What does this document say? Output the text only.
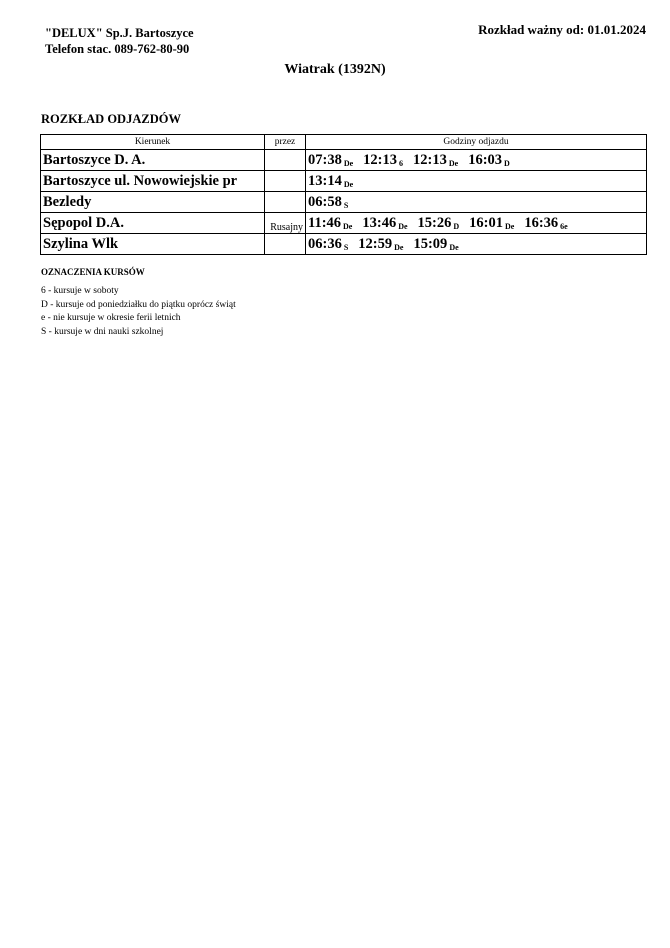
"DELUX" Sp.J. Bartoszyce
Telefon stac. 089-762-80-90
Rozkład ważny od: 01.01.2024
Wiatrak (1392N)
ROZKŁAD ODJAZDÓW
Kierunek	przez	Godziny odjazdu
Bartoszyce D. A.		07:38 $_{De}$ 12:13 $_6$ 12:13 $_{De}$ 16:03 $_D$
Bartoszyce ul. Nowowiejskie pr		13:14 $_{De}$
Bezledy		06:58 $_S$
Sępopol D.A.	Rusajny	11:46 $_{De}$ 13:46 $_{De}$ 15:26 $_D$ 16:01 $_{De}$ 16:36 $_{6e}$
Szylina Wlk		06:36 $_S$ 12:59 $_{De}$ 15:09 $_{De}$
OZNACZENIA KURSÓW
6 - kursuje w soboty
D - kursuje od poniedziałku do piątku oprócz świąt
e - nie kursuje w okresie ferii letnich
S - kursuje w dni nauki szkolnej
